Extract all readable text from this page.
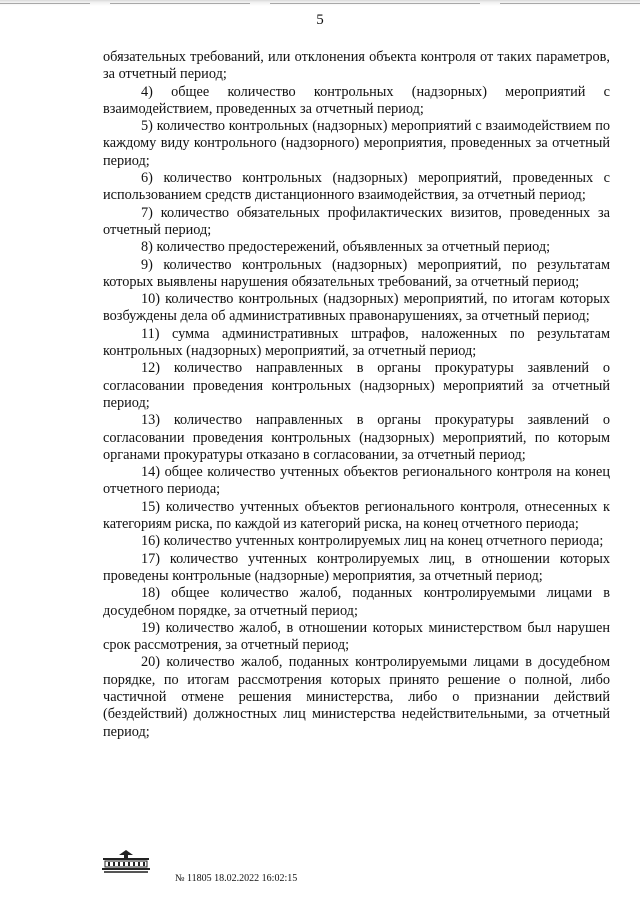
5

обязательных требований, или отклонения объекта контроля от таких параметров, за отчетный период;

4) общее количество контрольных (надзорных) мероприятий с взаимодействием, проведенных за отчетный период;

5) количество контрольных (надзорных) мероприятий с взаимодействием по каждому виду контрольного (надзорного) мероприятия, проведенных за отчетный период;

6) количество контрольных (надзорных) мероприятий, проведенных с использованием средств дистанционного взаимодействия, за отчетный период;

7) количество обязательных профилактических визитов, проведенных за отчетный период;

8) количество предостережений, объявленных за отчетный период;

9) количество контрольных (надзорных) мероприятий, по результатам которых выявлены нарушения обязательных требований, за отчетный период;

10) количество контрольных (надзорных) мероприятий, по итогам которых возбуждены дела об административных правонарушениях, за отчетный период;

11) сумма административных штрафов, наложенных по результатам контрольных (надзорных) мероприятий, за отчетный период;

12) количество направленных в органы прокуратуры заявлений о согласовании проведения контрольных (надзорных) мероприятий за отчетный период;

13) количество направленных в органы прокуратуры заявлений о согласовании проведения контрольных (надзорных) мероприятий, по которым органами прокуратуры отказано в согласовании, за отчетный период;

14) общее количество учтенных объектов регионального контроля на конец отчетного периода;

15) количество учтенных объектов регионального контроля, отнесенных к категориям риска, по каждой из категорий риска, на конец отчетного периода;

16) количество учтенных контролируемых лиц на конец отчетного периода;

17) количество учтенных контролируемых лиц, в отношении которых проведены контрольные (надзорные) мероприятия, за отчетный период;

18) общее количество жалоб, поданных контролируемыми лицами в досудебном порядке, за отчетный период;

19) количество жалоб, в отношении которых министерством был нарушен срок рассмотрения, за отчетный период;

20) количество жалоб, поданных контролируемыми лицами в досудебном порядке, по итогам рассмотрения которых принято решение о полной, либо частичной отмене решения министерства, либо о признании действий (бездействий) должностных лиц министерства недействительными, за отчетный период;

№ 11805 18.02.2022 16:02:15
